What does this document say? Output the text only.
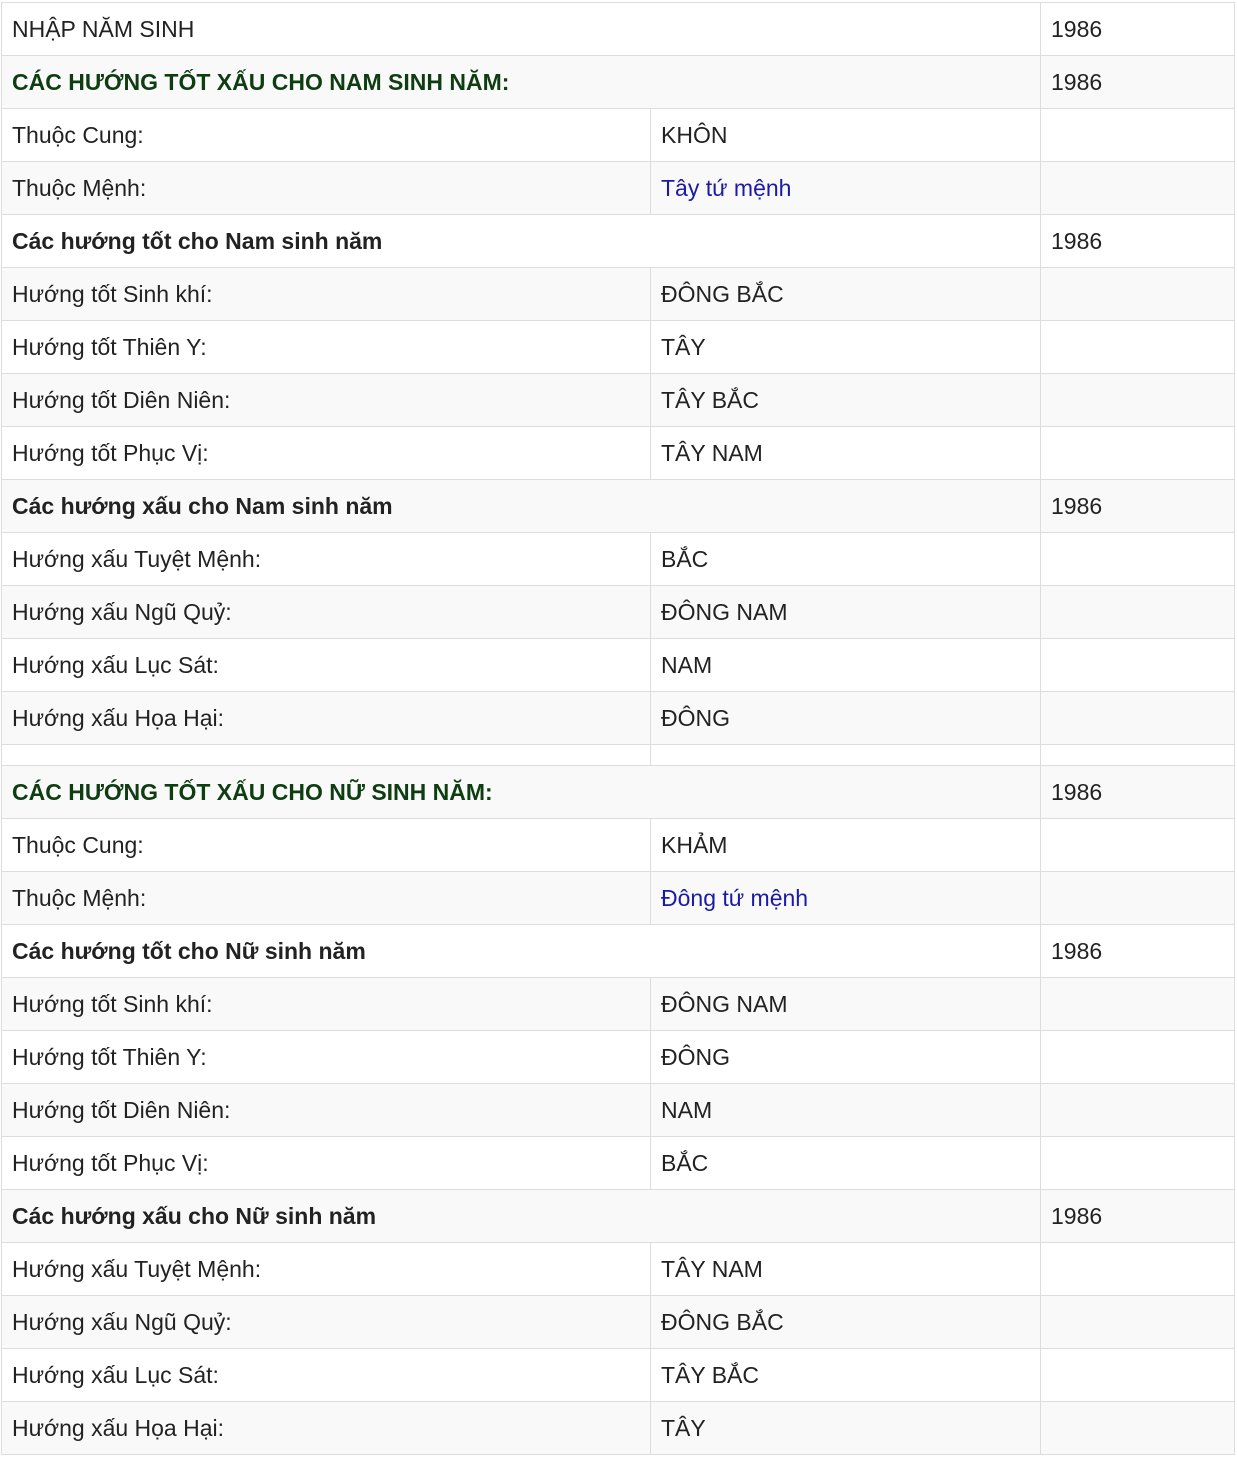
NHẬP NĂM SINH		1986
CÁC HƯỚNG TỐT XẤU CHO NAM SINH NĂM:		1986
Thuộc Cung:	KHÔN	
Thuộc Mệnh:	Tây tứ mệnh	
Các hướng tốt cho Nam sinh năm		1986
Hướng tốt Sinh khí:	ĐÔNG BẮC	
Hướng tốt Thiên Y:	TÂY	
Hướng tốt Diên Niên:	TÂY BẮC	
Hướng tốt Phục Vị:	TÂY NAM	
Các hướng xấu cho Nam sinh năm		1986
Hướng xấu Tuyệt Mệnh:	BẮC	
Hướng xấu Ngũ Quỷ:	ĐÔNG NAM	
Hướng xấu Lục Sát:	NAM	
Hướng xấu Họa Hại:	ĐÔNG	

CÁC HƯỚNG TỐT XẤU CHO NỮ SINH NĂM:		1986
Thuộc Cung:	KHẢM	
Thuộc Mệnh:	Đông tứ mệnh	
Các hướng tốt cho Nữ sinh năm		1986
Hướng tốt Sinh khí:	ĐÔNG NAM	
Hướng tốt Thiên Y:	ĐÔNG	
Hướng tốt Diên Niên:	NAM	
Hướng tốt Phục Vị:	BẮC	
Các hướng xấu cho Nữ sinh năm		1986
Hướng xấu Tuyệt Mệnh:	TÂY NAM	
Hướng xấu Ngũ Quỷ:	ĐÔNG BẮC	
Hướng xấu Lục Sát:	TÂY BẮC	
Hướng xấu Họa Hại:	TÂY	
